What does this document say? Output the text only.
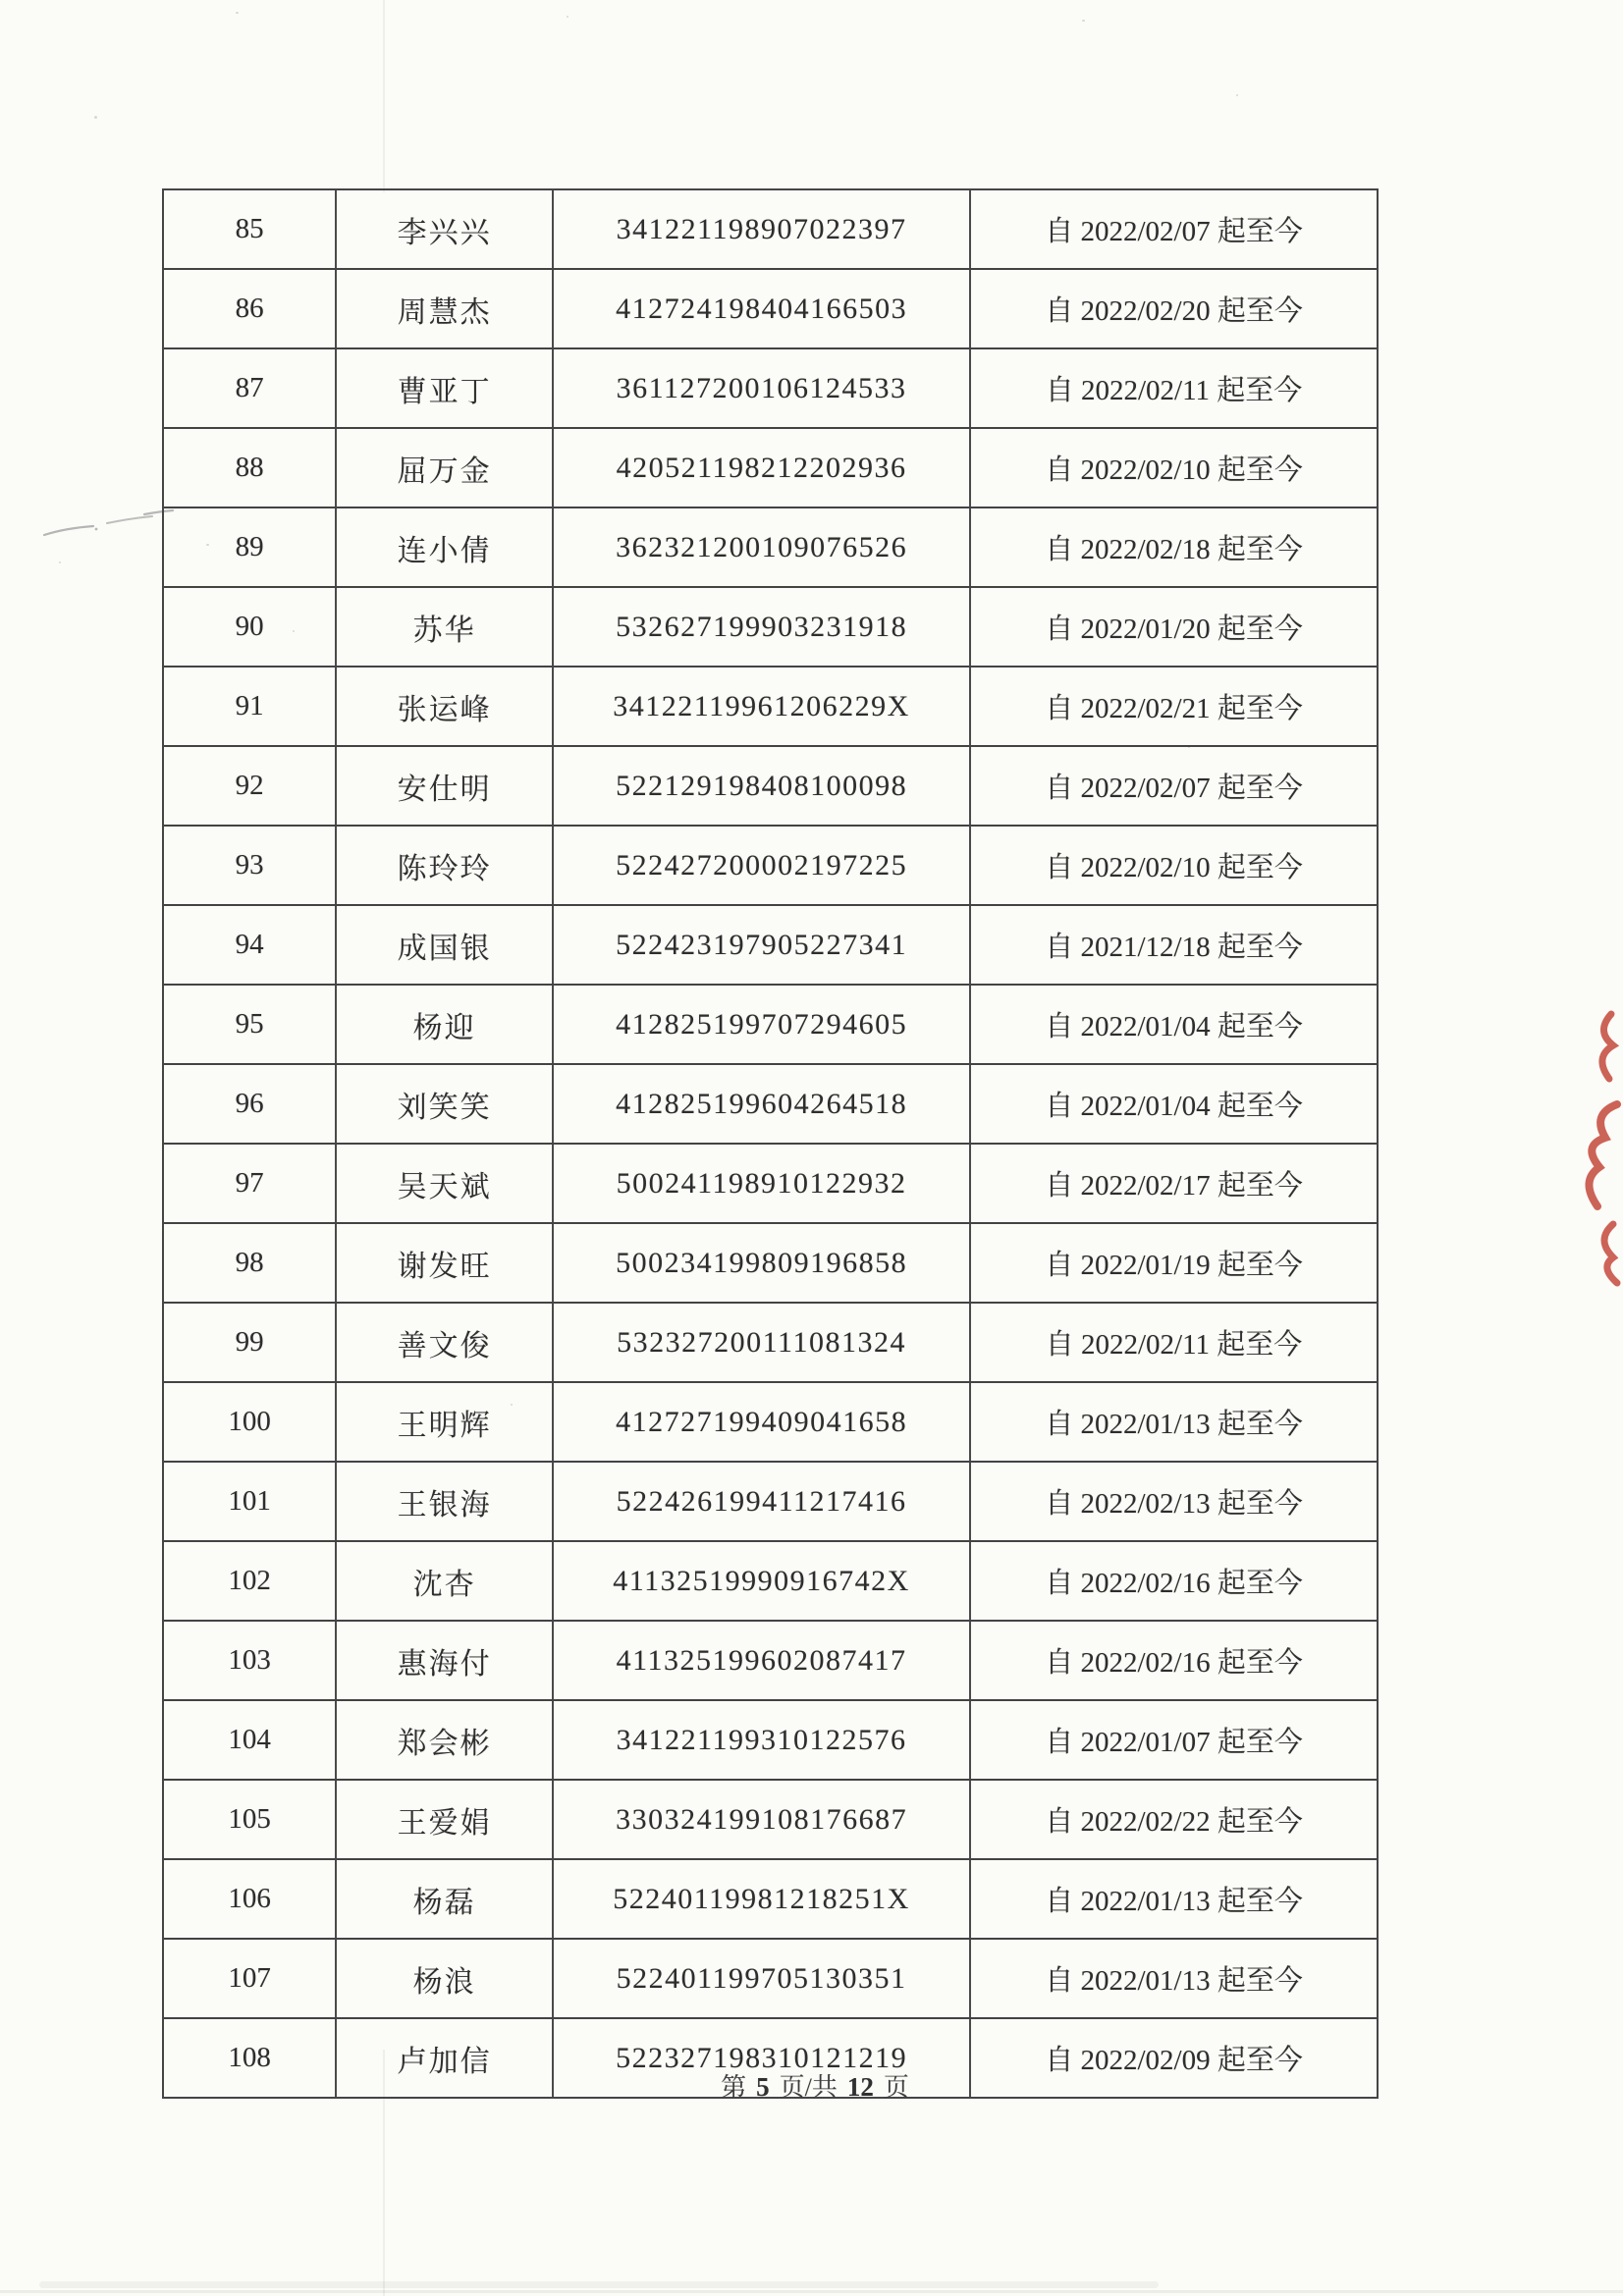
85	李兴兴	341221198907022397	自 2022/02/07 起至今
86	周慧杰	412724198404166503	自 2022/02/20 起至今
87	曹亚丁	361127200106124533	自 2022/02/11 起至今
88	屈万金	420521198212202936	自 2022/02/10 起至今
89	连小倩	362321200109076526	自 2022/02/18 起至今
90	苏华	532627199903231918	自 2022/01/20 起至今
91	张运峰	34122119961206229X	自 2022/02/21 起至今
92	安仕明	522129198408100098	自 2022/02/07 起至今
93	陈玲玲	522427200002197225	自 2022/02/10 起至今
94	成国银	522423197905227341	自 2021/12/18 起至今
95	杨迎	412825199707294605	自 2022/01/04 起至今
96	刘笑笑	412825199604264518	自 2022/01/04 起至今
97	吴天斌	500241198910122932	自 2022/02/17 起至今
98	谢发旺	500234199809196858	自 2022/01/19 起至今
99	善文俊	532327200111081324	自 2022/02/11 起至今
100	王明辉	412727199409041658	自 2022/01/13 起至今
101	王银海	522426199411217416	自 2022/02/13 起至今
102	沈杏	41132519990916742X	自 2022/02/16 起至今
103	惠海付	411325199602087417	自 2022/02/16 起至今
104	郑会彬	341221199310122576	自 2022/01/07 起至今
105	王爱娟	330324199108176687	自 2022/02/22 起至今
106	杨磊	52240119981218251X	自 2022/01/13 起至今
107	杨浪	522401199705130351	自 2022/01/13 起至今
108	卢加信	522327198310121219	自 2022/02/09 起至今
第 5 页/共 12 页
